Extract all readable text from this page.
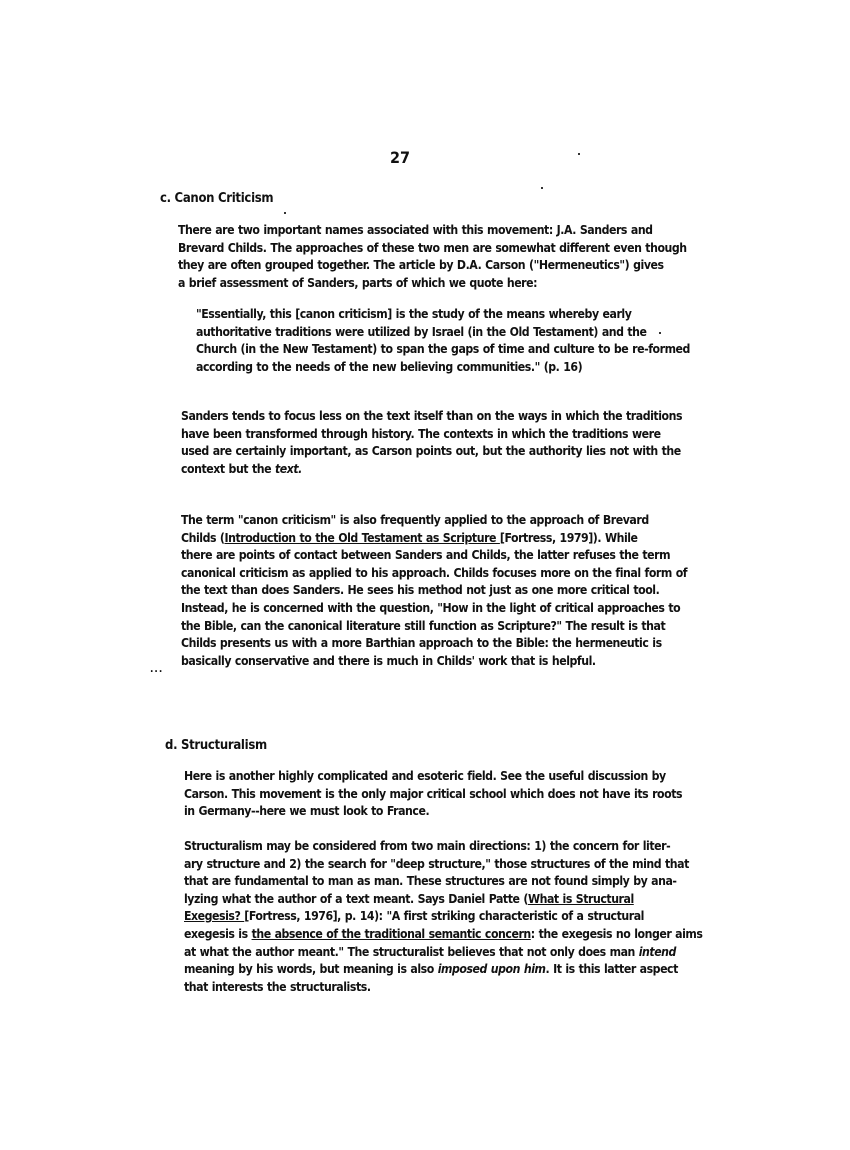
27
c. Canon Criticism
There are two important names associated with this movement: J.A. Sanders and
Brevard Childs. The approaches of these two men are somewhat different even though
they are often grouped together. The article by D.A. Carson ("Hermeneutics") gives
a brief assessment of Sanders, parts of which we quote here:
"Essentially, this [canon criticism] is the study of the means whereby early
authoritative traditions were utilized by Israel (in the Old Testament) and the
Church (in the New Testament) to span the gaps of time and culture to be re-formed
according to the needs of the new believing communities." (p. 16)
Sanders tends to focus less on the text itself than on the ways in which the traditions
have been transformed through history. The contexts in which the traditions were
used are certainly important, as Carson points out, but the authority lies not with the
context but the text.
The term "canon criticism" is also frequently applied to the approach of Brevard
Childs (Introduction to the Old Testament as Scripture [Fortress, 1979]). While
there are points of contact between Sanders and Childs, the latter refuses the term
canonical criticism as applied to his approach. Childs focuses more on the final form of
the text than does Sanders. He sees his method not just as one more critical tool.
Instead, he is concerned with the question, "How in the light of critical approaches to
the Bible, can the canonical literature still function as Scripture?" The result is that
Childs presents us with a more Barthian approach to the Bible: the hermeneutic is
basically conservative and there is much in Childs' work that is helpful.
...
d. Structuralism
Here is another highly complicated and esoteric field. See the useful discussion by
Carson. This movement is the only major critical school which does not have its roots
in Germany--here we must look to France.
Structuralism may be considered from two main directions: 1) the concern for liter-
ary structure and 2) the search for "deep structure," those structures of the mind that
that are fundamental to man as man. These structures are not found simply by ana-
lyzing what the author of a text meant. Says Daniel Patte (What is Structural
Exegesis? [Fortress, 1976], p. 14): "A first striking characteristic of a structural
exegesis is the absence of the traditional semantic concern: the exegesis no longer aims
at what the author meant." The structuralist believes that not only does man intend
meaning by his words, but meaning is also imposed upon him. It is this latter aspect
that interests the structuralists.
